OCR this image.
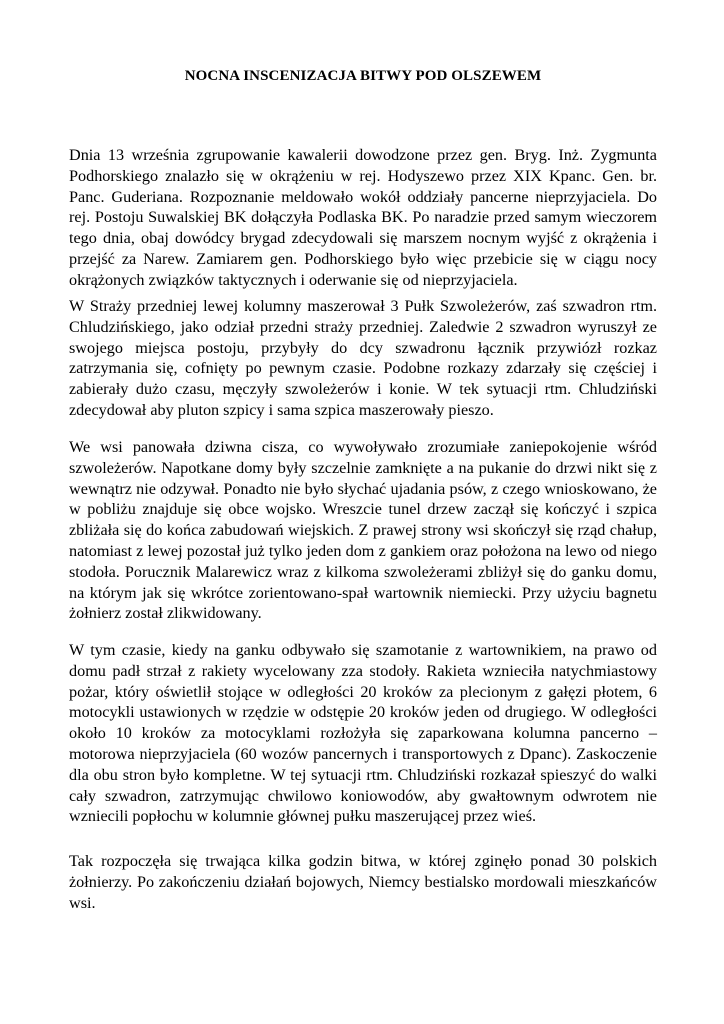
NOCNA INSCENIZACJA BITWY POD OLSZEWEM

Dnia 13 września zgrupowanie kawalerii dowodzone przez gen. Bryg. Inż. Zygmunta Podhorskiego znalazło się w okrążeniu w rej. Hodyszewo przez XIX Kpanc. Gen. br. Panc. Guderiana. Rozpoznanie meldowało wokół oddziały pancerne nieprzyjaciela. Do rej. Postoju Suwalskiej BK dołączyła Podlaska BK. Po naradzie przed samym wieczorem tego dnia, obaj dowódcy brygad zdecydowali się marszem nocnym wyjść z okrążenia i przejść za Narew. Zamiarem gen. Podhorskiego było więc przebicie się w ciągu nocy okrążonych związków taktycznych i oderwanie się od nieprzyjaciela.

W Straży przedniej lewej kolumny maszerował 3 Pułk Szwoleżerów, zaś szwadron rtm. Chludzińskiego, jako odział przedni straży przedniej. Zaledwie 2 szwadron wyruszył ze swojego miejsca postoju, przybyły do dcy szwadronu łącznik przywiózł rozkaz zatrzymania się, cofnięty po pewnym czasie. Podobne rozkazy zdarzały się częściej i zabierały dużo czasu, męczyły szwoleżerów i konie. W tek sytuacji rtm. Chludziński zdecydował aby pluton szpicy i sama szpica maszerowały pieszo.

We wsi panowała dziwna cisza, co wywoływało zrozumiałe zaniepokojenie wśród szwoleżerów. Napotkane domy były szczelnie zamknięte a na pukanie do drzwi nikt się z wewnątrz nie odzywał. Ponadto nie było słychać ujadania psów, z czego wnioskowano, że w pobliżu znajduje się obce wojsko. Wreszcie tunel drzew zaczął się kończyć i szpica zbliżała się do końca zabudowań wiejskich. Z prawej strony wsi skończył się rząd chałup, natomiast z lewej pozostał już tylko jeden dom z gankiem oraz położona na lewo od niego stodoła. Porucznik Malarewicz wraz z kilkoma szwoleżerami zbliżył się do ganku domu, na którym jak się wkrótce zorientowano-spał wartownik niemiecki. Przy użyciu bagnetu żołnierz został zlikwidowany.

W tym czasie, kiedy na ganku odbywało się szamotanie z wartownikiem, na prawo od domu padł strzał z rakiety wycelowany zza stodoły. Rakieta wznieciła natychmiastowy pożar, który oświetlił stojące w odległości 20 kroków za plecionym z gałęzi płotem, 6 motocykli ustawionych w rzędzie w odstępie 20 kroków jeden od drugiego. W odległości około 10 kroków za motocyklami rozłożyła się zaparkowana kolumna pancerno – motorowa nieprzyjaciela (60 wozów pancernych i transportowych z Dpanc). Zaskoczenie dla obu stron było kompletne. W tej sytuacji rtm. Chludziński rozkazał spieszyć do walki cały szwadron, zatrzymując chwilowo koniowodów, aby gwałtownym odwrotem nie wzniecili popłochu w kolumnie głównej pułku maszerującej przez wieś.

Tak rozpoczęła się trwająca kilka godzin bitwa, w której zginęło ponad 30 polskich żołnierzy. Po zakończeniu działań bojowych, Niemcy bestialsko mordowali mieszkańców wsi.
